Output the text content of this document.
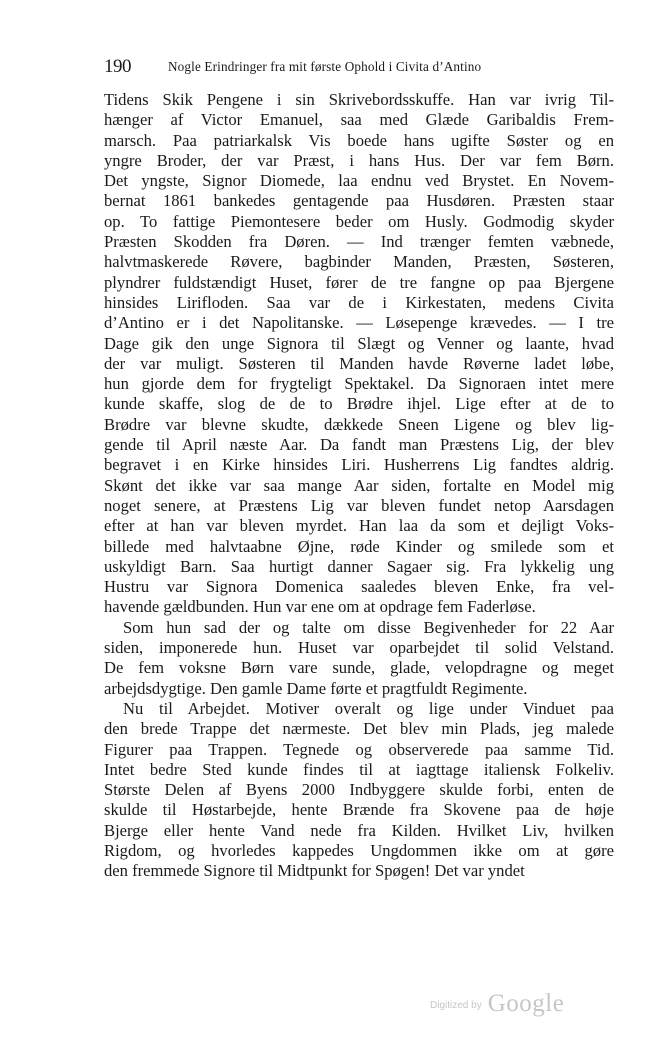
190	Nogle Erindringer fra mit første Ophold i Civita d’Antino
Tidens Skik Pengene i sin Skrivebordsskuffe. Han var ivrig Til-
hænger af Victor Emanuel, saa med Glæde Garibaldis Frem-
marsch. Paa patriarkalsk Vis boede hans ugifte Søster og en
yngre Broder, der var Præst, i hans Hus. Der var fem Børn.
Det yngste, Signor Diomede, laa endnu ved Brystet. En Novem-
bernat 1861 bankedes gentagende paa Husdøren. Præsten staar
op. To fattige Piemontesere beder om Husly. Godmodig skyder
Præsten Skodden fra Døren. — Ind trænger femten væbnede,
halvtmaskerede Røvere, bagbinder Manden, Præsten, Søsteren,
plyndrer fuldstændigt Huset, fører de tre fangne op paa Bjergene
hinsides Lirifloden. Saa var de i Kirkestaten, medens Civita
d’Antino er i det Napolitanske. — Løsepenge krævedes. — I tre
Dage gik den unge Signora til Slægt og Venner og laante, hvad
der var muligt. Søsteren til Manden havde Røverne ladet løbe,
hun gjorde dem for frygteligt Spektakel. Da Signoraen intet mere
kunde skaffe, slog de de to Brødre ihjel. Lige efter at de to
Brødre var blevne skudte, dækkede Sneen Ligene og blev lig-
gende til April næste Aar. Da fandt man Præstens Lig, der blev
begravet i en Kirke hinsides Liri. Husherrens Lig fandtes aldrig.
Skønt det ikke var saa mange Aar siden, fortalte en Model mig
noget senere, at Præstens Lig var bleven fundet netop Aarsdagen
efter at han var bleven myrdet. Han laa da som et dejligt Voks-
billede med halvtaabne Øjne, røde Kinder og smilede som et
uskyldigt Barn. Saa hurtigt danner Sagaer sig. Fra lykkelig ung
Hustru var Signora Domenica saaledes bleven Enke, fra vel-
havende gældbunden. Hun var ene om at opdrage fem Faderløse.
Som hun sad der og talte om disse Begivenheder for 22 Aar
siden, imponerede hun. Huset var oparbejdet til solid Velstand.
De fem voksne Børn vare sunde, glade, velopdragne og meget
arbejdsdygtige. Den gamle Dame førte et pragtfuldt Regimente.
Nu til Arbejdet. Motiver overalt og lige under Vinduet paa
den brede Trappe det nærmeste. Det blev min Plads, jeg malede
Figurer paa Trappen. Tegnede og observerede paa samme Tid.
Intet bedre Sted kunde findes til at iagttage italiensk Folkeliv.
Største Delen af Byens 2000 Indbyggere skulde forbi, enten de
skulde til Høstarbejde, hente Brænde fra Skovene paa de høje
Bjerge eller hente Vand nede fra Kilden. Hvilket Liv, hvilken
Rigdom, og hvorledes kappedes Ungdommen ikke om at gøre
den fremmede Signore til Midtpunkt for Spøgen! Det var yndet
Digitized by Google
